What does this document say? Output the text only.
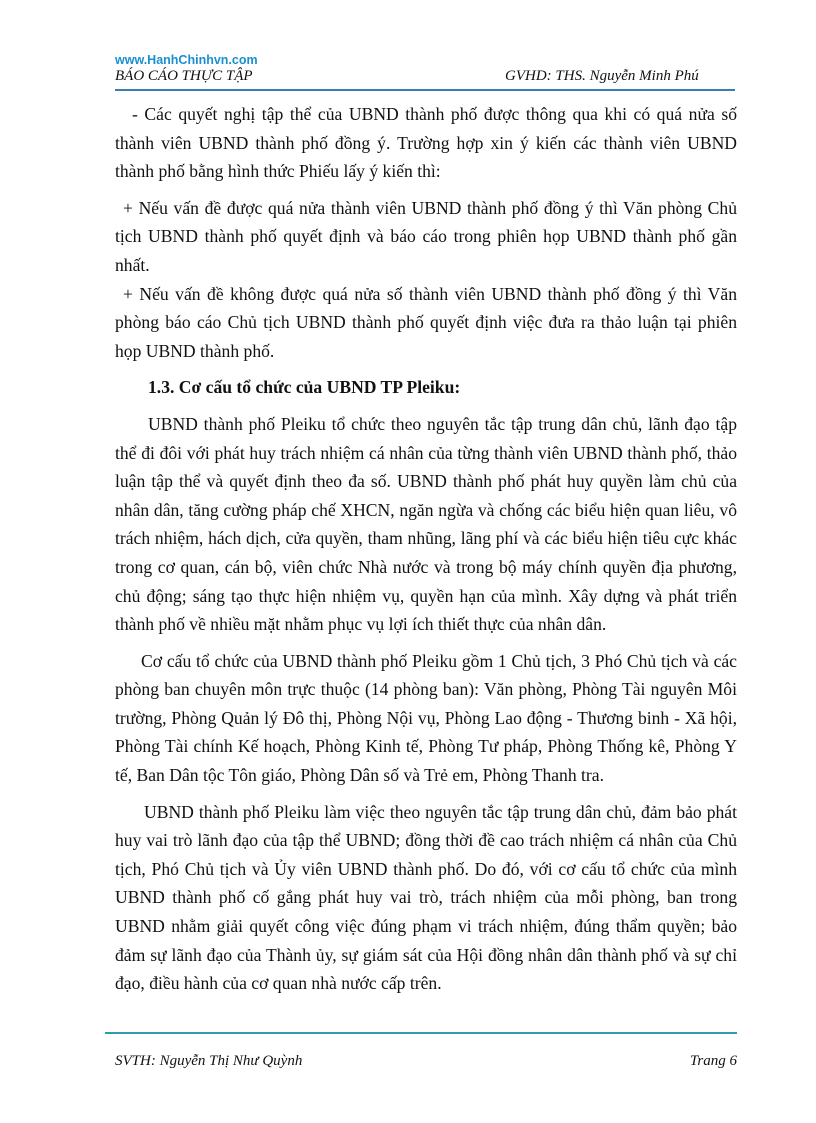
www.HanhChinhvn.com
BÁO CÁO THỰC TẬP	GVHD: THS. Nguyễn Minh Phú

- Các quyết nghị tập thể của UBND thành phố được thông qua khi có quá nửa số thành viên UBND thành phố đồng ý. Trường hợp xin ý kiến các thành viên UBND thành phố bằng hình thức Phiếu lấy ý kiến thì:

+ Nếu vấn đề được quá nửa thành viên UBND thành phố đồng ý thì Văn phòng Chủ tịch UBND thành phố quyết định và báo cáo trong phiên họp UBND thành phố gần nhất.

+ Nếu vấn đề không được quá nửa số thành viên UBND thành phố đồng ý thì Văn phòng báo cáo Chủ tịch UBND thành phố quyết định việc đưa ra thảo luận tại phiên họp UBND thành phố.

1.3. Cơ cấu tổ chức của UBND TP Pleiku:

UBND thành phố Pleiku tổ chức theo nguyên tắc tập trung dân chủ, lãnh đạo tập thể đi đôi với phát huy trách nhiệm cá nhân của từng thành viên UBND thành phố, thảo luận tập thể và quyết định theo đa số. UBND thành phố phát huy quyền làm chủ của nhân dân, tăng cường pháp chế XHCN, ngăn ngừa và chống các biểu hiện quan liêu, vô trách nhiệm, hách dịch, cửa quyền, tham nhũng, lãng phí và các biểu hiện tiêu cực khác trong cơ quan, cán bộ, viên chức Nhà nước và trong bộ máy chính quyền địa phương, chủ động; sáng tạo thực hiện nhiệm vụ, quyền hạn của mình. Xây dựng và phát triển thành phố về nhiều mặt nhằm phục vụ lợi ích thiết thực của nhân dân.

Cơ cấu tổ chức của UBND thành phố Pleiku gồm 1 Chủ tịch, 3 Phó Chủ tịch và các phòng ban chuyên môn trực thuộc (14 phòng ban): Văn phòng, Phòng Tài nguyên Môi trường, Phòng Quản lý Đô thị, Phòng Nội vụ, Phòng Lao động - Thương binh - Xã hội, Phòng Tài chính Kế hoạch, Phòng Kinh tế, Phòng Tư pháp, Phòng Thống kê, Phòng Y tế, Ban Dân tộc Tôn giáo, Phòng Dân số và Trẻ em, Phòng Thanh tra.

UBND thành phố Pleiku làm việc theo nguyên tắc tập trung dân chủ, đảm bảo phát huy vai trò lãnh đạo của tập thể UBND; đồng thời đề cao trách nhiệm cá nhân của Chủ tịch, Phó Chủ tịch và Ủy viên UBND thành phố. Do đó, với cơ cấu tổ chức của mình UBND thành phố cố gắng phát huy vai trò, trách nhiệm của mỗi phòng, ban trong UBND nhằm giải quyết công việc đúng phạm vi trách nhiệm, đúng thẩm quyền; bảo đảm sự lãnh đạo của Thành ủy, sự giám sát của Hội đồng nhân dân thành phố và sự chỉ đạo, điều hành của cơ quan nhà nước cấp trên.

SVTH: Nguyễn Thị Như Quỳnh	Trang 6
